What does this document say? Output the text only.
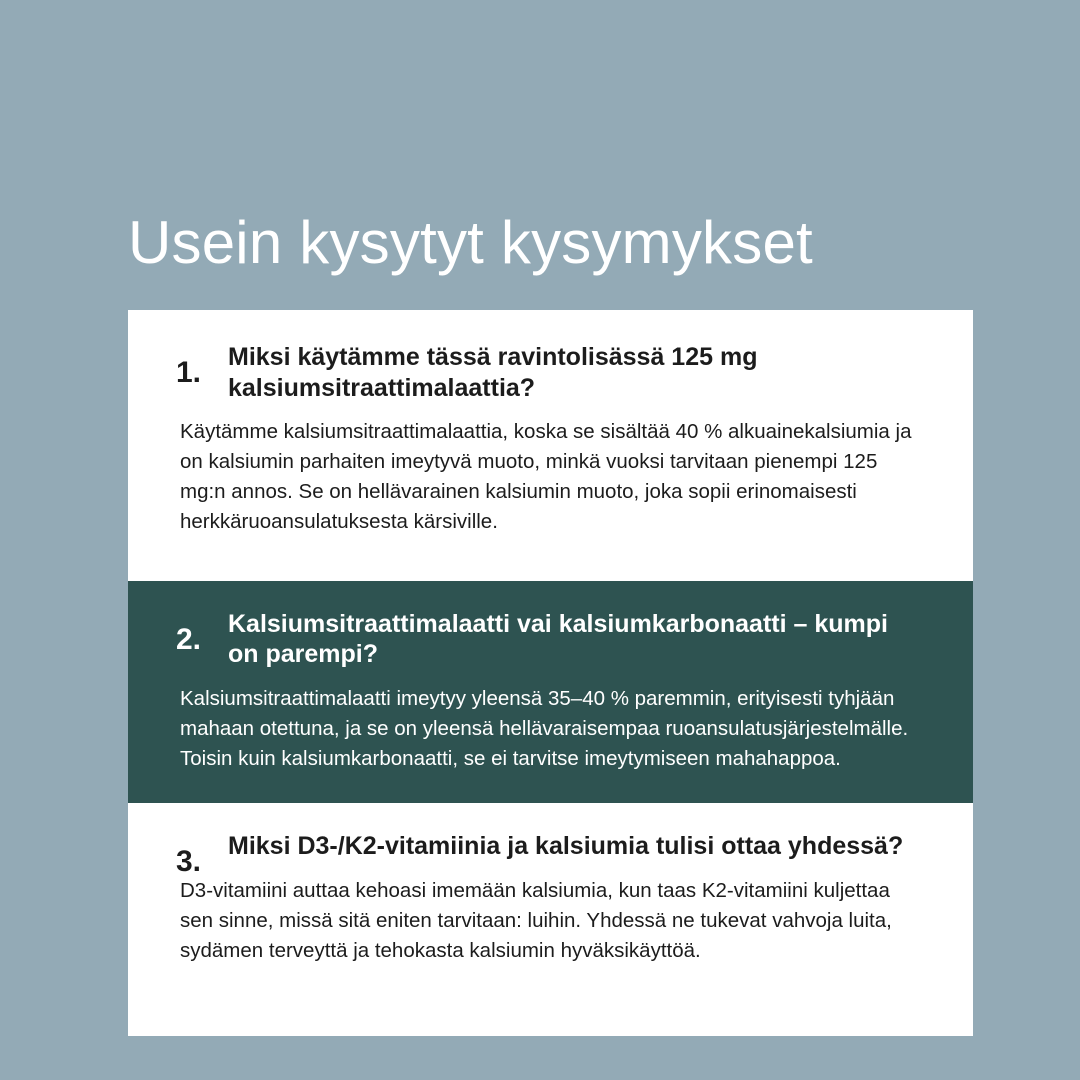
Usein kysytyt kysymykset
1.	Miksi käytämme tässä ravintolisässä 125 mg kalsiumsitraattimalaattia?

Käytämme kalsiumsitraattimalaattia, koska se sisältää 40 % alkuainekalsiumia ja on kalsiumin parhaiten imeytyvä muoto, minkä vuoksi tarvitaan pienempi 125 mg:n annos. Se on hellävarainen kalsiumin muoto, joka sopii erinomaisesti herkkäruoansulatuksesta kärsiville.

2.	Kalsiumsitraattimalaatti vai kalsiumkarbonaatti – kumpi on parempi?

Kalsiumsitraattimalaatti imeytyy yleensä 35–40 % paremmin, erityisesti tyhjään mahaan otettuna, ja se on yleensä hellävaraisempaa ruoansulatusjärjestelmälle. Toisin kuin kalsiumkarbonaatti, se ei tarvitse imeytymiseen mahahappoa.

3.	Miksi D3-/K2-vitamiinia ja kalsiumia tulisi ottaa yhdessä?

D3-vitamiini auttaa kehoasi imemään kalsiumia, kun taas K2-vitamiini kuljettaa sen sinne, missä sitä eniten tarvitaan: luihin. Yhdessä ne tukevat vahvoja luita, sydämen terveyttä ja tehokasta kalsiumin hyväksikäyttöä.
